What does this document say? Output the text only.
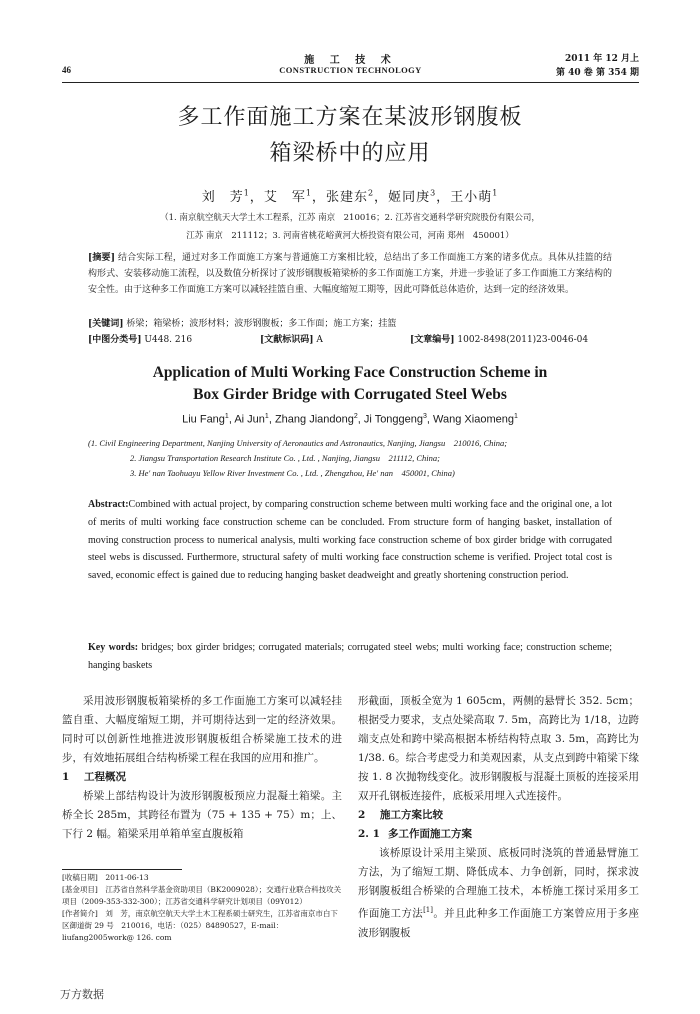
46
施 工 技 术
CONSTRUCTION TECHNOLOGY
2011 年 12 月上
第 40 卷 第 354 期
多工作面施工方案在某波形钢腹板
箱梁桥中的应用
刘　芳$^1$，艾　军$^1$，张建东$^2$，姬同庚$^3$，王小萌$^1$
（1. 南京航空航天大学土木工程系，江苏 南京　210016；2. 江苏省交通科学研究院股份有限公司，
江苏 南京　211112；3. 河南省桃花峪黄河大桥投资有限公司，河南 郑州　450001）
[摘要] 结合实际工程，通过对多工作面施工方案与普通施工方案相比较，总结出了多工作面施工方案的诸多优点。具体从挂篮的结构形式、安装移动施工流程，以及数值分析探讨了波形钢腹板箱梁桥的多工作面施工方案，并进一步验证了多工作面施工方案结构的安全性。由于这种多工作面施工方案可以减轻挂篮自重、大幅度缩短工期等，因此可降低总体造价，达到一定的经济效果。
[关键词] 桥梁；箱梁桥；波形材料；波形钢腹板；多工作面；施工方案；挂篮
[中图分类号] U448. 216	[文献标识码] A	[文章编号] 1002-8498(2011)23-0046-04
Application of Multi Working Face Construction Scheme in
Box Girder Bridge with Corrugated Steel Webs
Liu Fang$^1$, Ai Jun$^1$, Zhang Jiandong$^2$, Ji Tonggeng$^3$, Wang Xiaomeng$^1$
(1. Civil Engineering Department, Nanjing University of Aeronautics and Astronautics, Nanjing, Jiangsu　210016, China;
2. Jiangsu Transportation Research Institute Co. , Ltd. , Nanjing, Jiangsu　211112, China;
3. He' nan Taohuayu Yellow River Investment Co. , Ltd. , Zhengzhou, He' nan　450001, China)
Abstract:Combined with actual project, by comparing construction scheme between multi working face and the original one, a lot of merits of multi working face construction scheme can be concluded. From structure form of hanging basket, installation of moving construction process to numerical analysis, multi working face construction scheme of box girder bridge with corrugated steel webs is discussed. Furthermore, structural safety of multi working face construction scheme is verified. Project total cost is saved, economic effect is gained due to reducing hanging basket deadweight and greatly shortening construction period.
Key words: bridges; box girder bridges; corrugated materials; corrugated steel webs; multi working face; construction scheme; hanging baskets

采用波形钢腹板箱梁桥的多工作面施工方案可以减轻挂篮自重、大幅度缩短工期，并可期待达到一定的经济效果。同时可以创新性地推进波形钢腹板组合桥梁施工技术的进步，有效地拓展组合结构桥梁工程在我国的应用和推广。

1 工程概况

桥梁上部结构设计为波形钢腹板预应力混凝土箱梁。主桥全长 285m，其跨径布置为（75 + 135 + 75）m；上、下行 2 幅。箱梁采用单箱单室直腹板箱

[收稿日期]　2011-06-13
[基金项目]　江苏省自然科学基金资助项目（BK2009028）；交通行业联合科技攻关项目（2009-353-332-300）；江苏省交通科学研究计划项目（09Y012）
[作者简介]　刘　芳，南京航空航天大学土木工程系硕士研究生，江苏省南京市白下区御道街 29 号　210016，电话：（025）84890527，E-mail：liufang2005work@ 126. com

形截面，顶板全宽为 1 605cm，两侧的悬臂长 352. 5cm；根据受力要求，支点处梁高取 7. 5m，高跨比为 1/18，边跨端支点处和跨中梁高根据本桥结构特点取 3. 5m，高跨比为 1/38. 6。综合考虑受力和美观因素，从支点到跨中箱梁下缘按 1. 8 次抛物线变化。波形钢腹板与混凝土顶板的连接采用双开孔钢板连接件，底板采用埋入式连接件。

2 施工方案比较
2. 1 多工作面施工方案

该桥原设计采用主梁顶、底板同时浇筑的普通悬臂施工方法，为了缩短工期、降低成本、力争创新，同时，探求波形钢腹板组合桥梁的合理施工技术，本桥施工探讨采用多工作面施工方法[1]。并且此种多工作面施工方案曾应用于多座波形钢腹板

万方数据
